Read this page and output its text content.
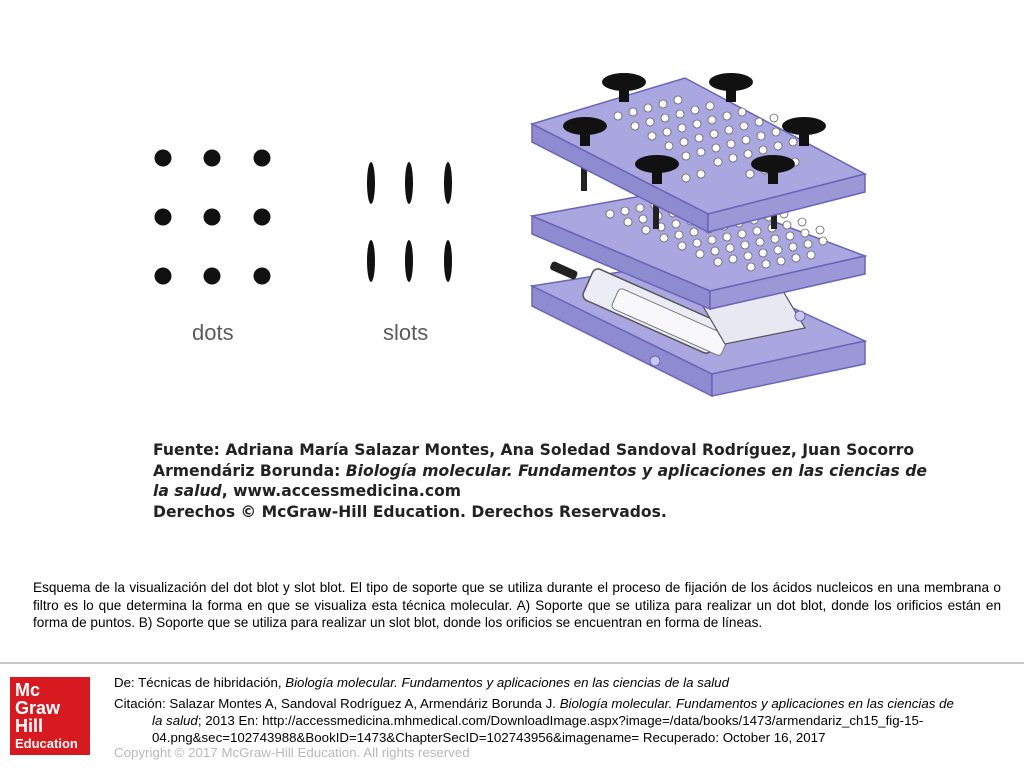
dots	slots
Fuente: Adriana María Salazar Montes, Ana Soledad Sandoval Rodríguez, Juan Socorro
Armendáriz Borunda: Biología molecular. Fundamentos y aplicaciones en las ciencias de
la salud, www.accessmedicina.com
Derechos © McGraw-Hill Education. Derechos Reservados.
Esquema de la visualización del dot blot y slot blot. El tipo de soporte que se utiliza durante el proceso de fijación de los ácidos nucleicos en una membrana o filtro es lo que determina la forma en que se visualiza esta técnica molecular. A) Soporte que se utiliza para realizar un dot blot, donde los orificios están en forma de puntos. B) Soporte que se utiliza para realizar un slot blot, donde los orificios se encuentran en forma de líneas.
Mc
Graw
Hill
Education
De: Técnicas de hibridación, Biología molecular. Fundamentos y aplicaciones en las ciencias de la salud
Citación: Salazar Montes A, Sandoval Rodríguez A, Armendáriz Borunda J. Biología molecular. Fundamentos y aplicaciones en las ciencias de
la salud; 2013 En: http://accessmedicina.mhmedical.com/DownloadImage.aspx?image=/data/books/1473/armendariz_ch15_fig-15-
04.png&sec=102743988&BookID=1473&ChapterSecID=102743956&imagename= Recuperado: October 16, 2017
Copyright © 2017 McGraw-Hill Education. All rights reserved
